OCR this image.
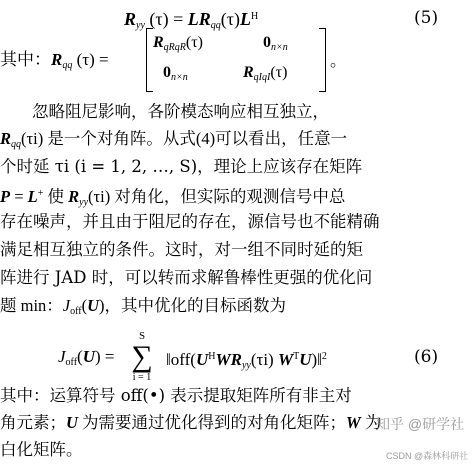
$R_{yy}$ $(\tau) = LR_{qq}(\tau)L^H$	(5)
其中：$R_{qq}$ (τ) =
$R_{qRqR}(\tau)$	$0_{n\times n}$
$0_{n\times n}$	$R_{qIqI}(\tau)$
。
忽略阻尼影响，各阶模态响应相互独立，
$R_{qq}(\tau i)$ 是一个对角阵。从式(4)可以看出，任意一
个时延 τi (i = 1, 2, …, S)，理论上应该存在矩阵
P = L+ 使 $R_{yy}(\tau i)$ 对角化，但实际的观测信号中总
存在噪声，并且由于阻尼的存在，源信号也不能精确
满足相互独立的条件。这时，对一组不同时延的矩
阵进行 JAD 时，可以转而求解鲁棒性更强的优化问
题 min：$J_{off}(U)$，其中优化的目标函数为
$J_{off}(U)$ =
S
∑
i = 1
$‖off(U^HWR_{yy}(\tau i)$ $W^TU)‖^2$	(6)
其中：运算符号 off(•) 表示提取矩阵所有非主对
角元素；U 为需要通过优化得到的对角化矩阵；W 为
白化矩阵。
知乎 @研学社
CSDN @森林科研社
